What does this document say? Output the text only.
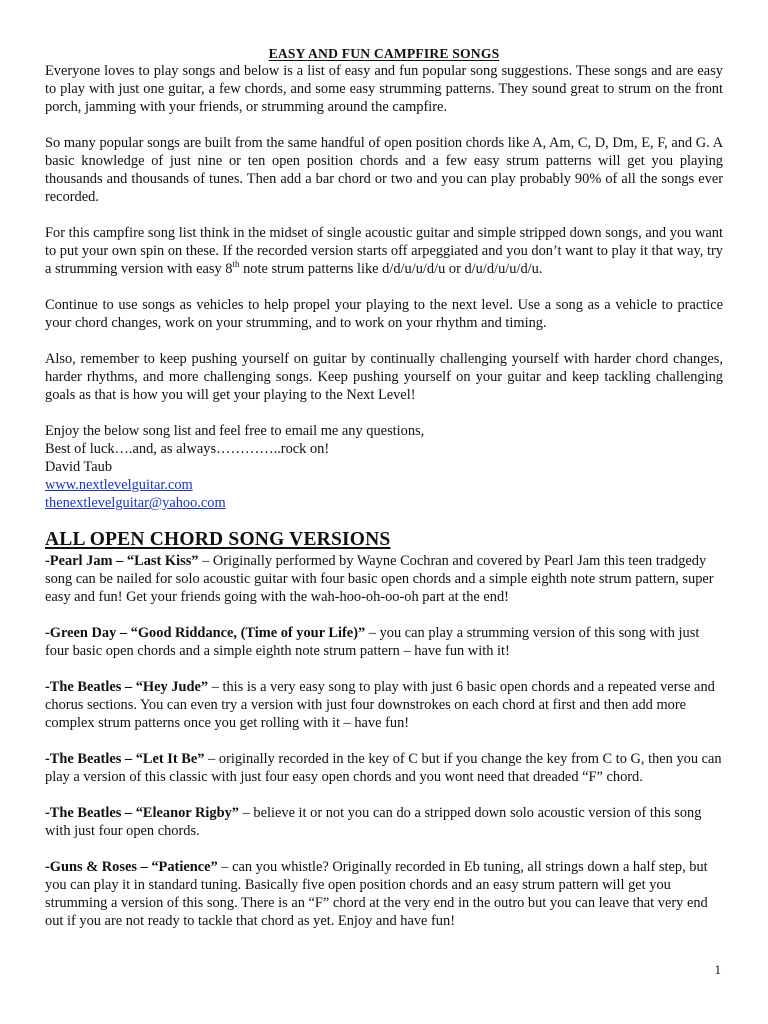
EASY AND FUN CAMPFIRE SONGS

Everyone loves to play songs and below is a list of easy and fun popular song suggestions. These songs and are easy to play with just one guitar, a few chords, and some easy strumming patterns. They sound great to strum on the front porch, jamming with your friends, or strumming around the campfire.

So many popular songs are built from the same handful of open position chords like A, Am, C, D, Dm, E, F, and G. A basic knowledge of just nine or ten open position chords and a few easy strum patterns will get you playing thousands and thousands of tunes. Then add a bar chord or two and you can play probably 90% of all the songs ever recorded.

For this campfire song list think in the midset of single acoustic guitar and simple stripped down songs, and you want to put your own spin on these. If the recorded version starts off arpeggiated and you don’t want to play it that way, try a strumming version with easy 8th note strum patterns like d/d/u/u/d/u or d/u/d/u/u/d/u.

Continue to use songs as vehicles to help propel your playing to the next level. Use a song as a vehicle to practice your chord changes, work on your strumming, and to work on your rhythm and timing.

Also, remember to keep pushing yourself on guitar by continually challenging yourself with harder chord changes, harder rhythms, and more challenging songs. Keep pushing yourself on your guitar and keep tackling challenging goals as that is how you will get your playing to the Next Level!

Enjoy the below song list and feel free to email me any questions,

Best of luck….and, as always…………..rock on!

David Taub

www.nextlevelguitar.com

thenextlevelguitar@yahoo.com

ALL OPEN CHORD SONG VERSIONS

-Pearl Jam – “Last Kiss” – Originally performed by Wayne Cochran and covered by Pearl Jam this teen tradgedy song can be nailed for solo acoustic guitar with four basic open chords and a simple eighth note strum pattern, super easy and fun! Get your friends going with the wah-hoo-oh-oo-oh part at the end!

-Green Day – “Good Riddance, (Time of your Life)” – you can play a strumming version of this song with just four basic open chords and a simple eighth note strum pattern – have fun with it!

-The Beatles – “Hey Jude” – this is a very easy song to play with just 6 basic open chords and a repeated verse and chorus sections. You can even try a version with just four downstrokes on each chord at first and then add more complex strum patterns once you get rolling with it – have fun!

-The Beatles – “Let It Be” – originally recorded in the key of C but if you change the key from C to G, then you can play a version of this classic with just four easy open chords and you wont need that dreaded “F” chord.

-The Beatles – “Eleanor Rigby” – believe it or not you can do a stripped down solo acoustic version of this song with just four open chords.

-Guns & Roses – “Patience” – can you whistle? Originally recorded in Eb tuning, all strings down a half step, but you can play it in standard tuning. Basically five open position chords and an easy strum pattern will get you strumming a version of this song. There is an “F” chord at the very end in the outro but you can leave that very end out if you are not ready to tackle that chord as yet. Enjoy and have fun!

1
